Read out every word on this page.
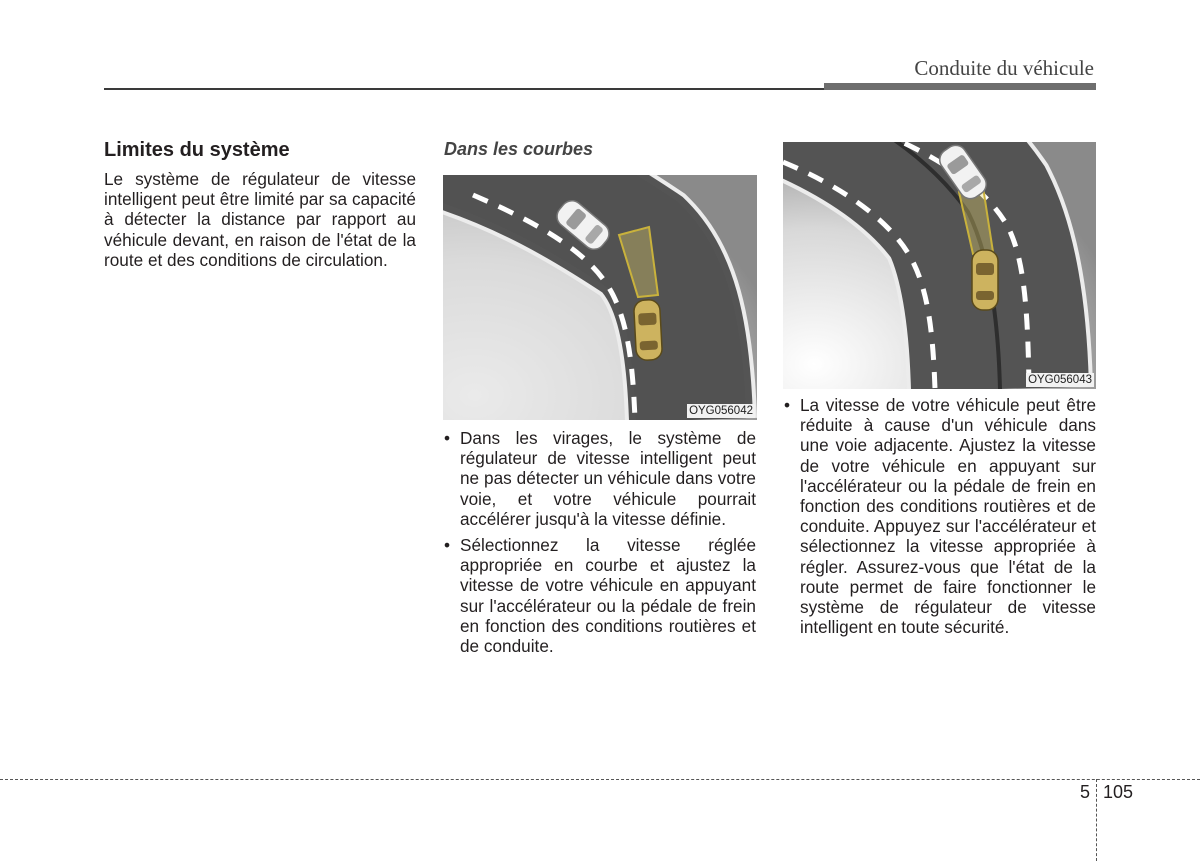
Conduite du véhicule
Limites du système
Le système de régulateur de vitesse intelligent peut être limité par sa capacité à détecter la distance par rapport au véhicule devant, en raison de l'état de la route et des conditions de circulation.
Dans les courbes
OYG056042
• Dans les virages, le système de régulateur de vitesse intelligent peut ne pas détecter un véhicule dans votre voie, et votre véhicule pourrait accélérer jusqu'à la vitesse définie.
• Sélectionnez la vitesse réglée appropriée en courbe et ajustez la vitesse de votre véhicule en appuyant sur l'accélérateur ou la pédale de frein en fonction des conditions routières et de conduite.
OYG056043
• La vitesse de votre véhicule peut être réduite à cause d'un véhicule dans une voie adjacente. Ajustez la vitesse de votre véhicule en appuyant sur l'accélérateur ou la pédale de frein en fonction des conditions routières et de conduite. Appuyez sur l'accélérateur et sélectionnez la vitesse appropriée à régler. Assurez-vous que l'état de la route permet de faire fonctionner le système de régulateur de vitesse intelligent en toute sécurité.
5 105
